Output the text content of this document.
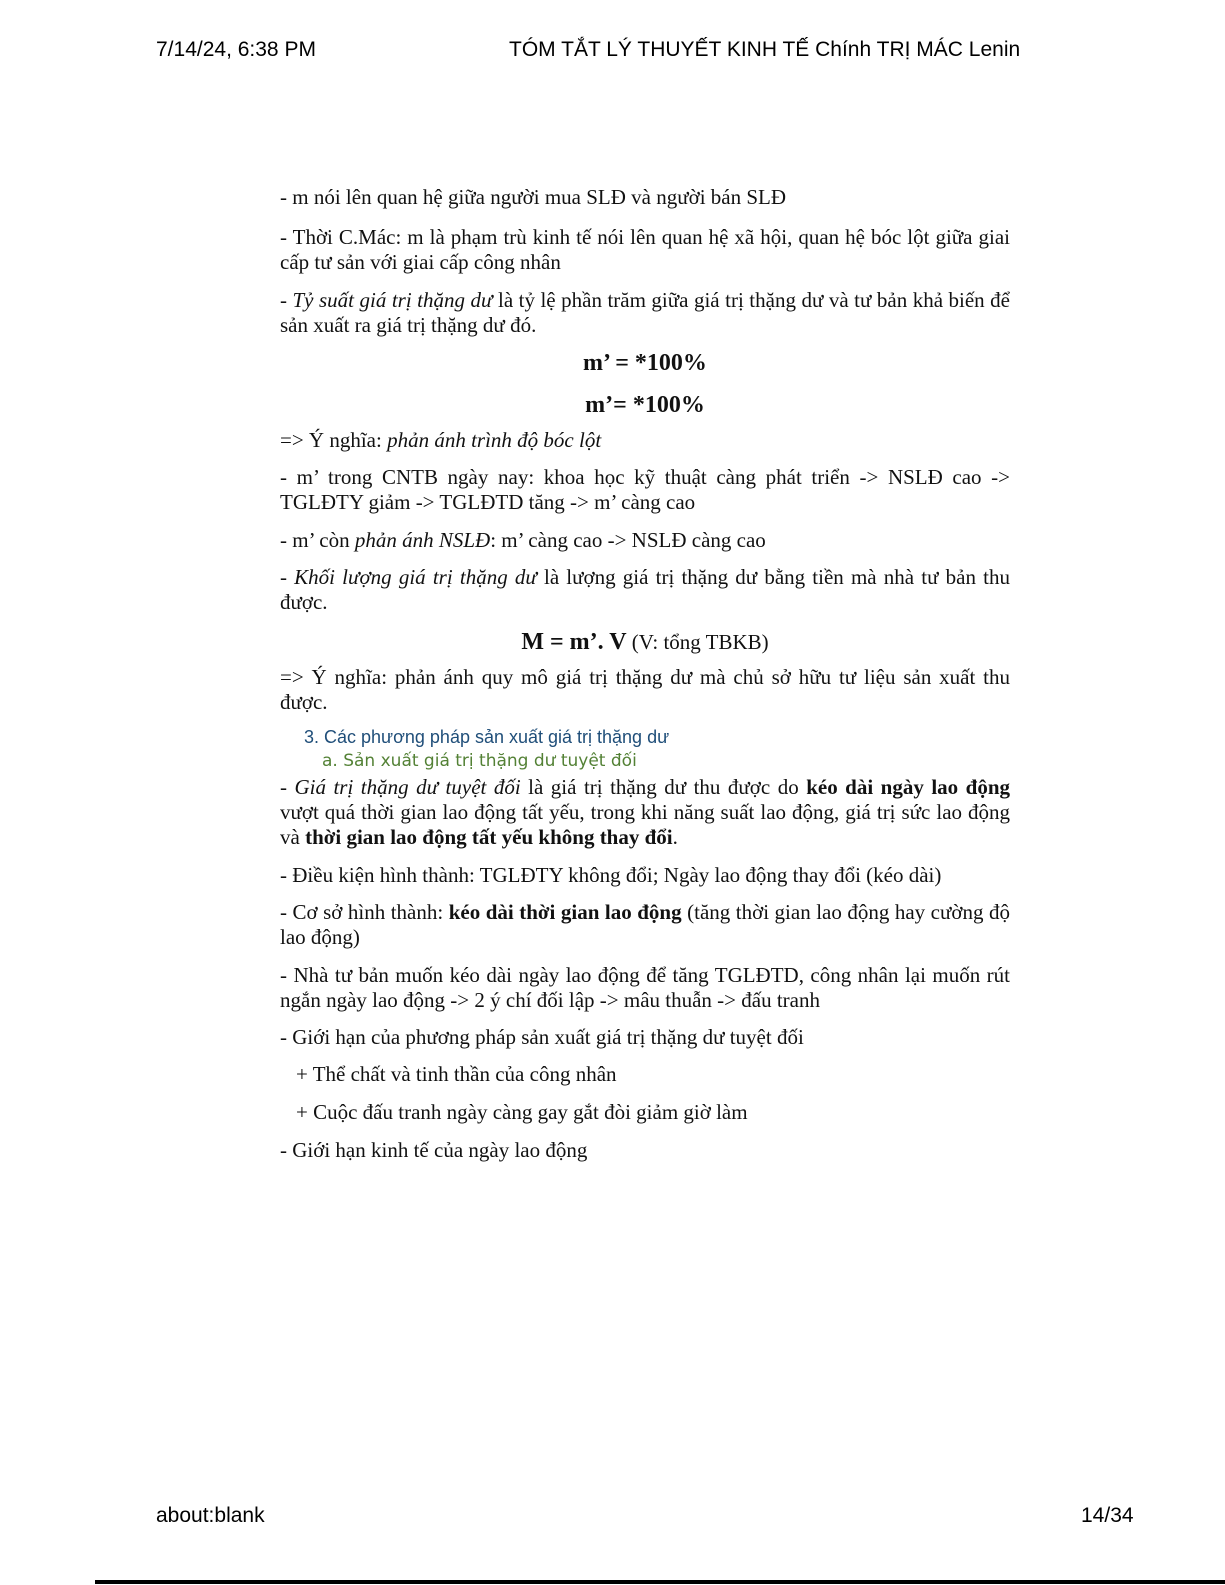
7/14/24, 6:38 PM	TÓM TẮT LÝ THUYẾT KINH TẾ Chính TRỊ MÁC Lenin

- m nói lên quan hệ giữa người mua SLĐ và người bán SLĐ

- Thời C.Mác: m là phạm trù kinh tế nói lên quan hệ xã hội, quan hệ bóc lột giữa giai cấp tư sản với giai cấp công nhân

- Tỷ suất giá trị thặng dư là tỷ lệ phần trăm giữa giá trị thặng dư và tư bản khả biến để sản xuất ra giá trị thặng dư đó.

m’ = *100%

m’= *100%

=> Ý nghĩa: phản ánh trình độ bóc lột

- m’ trong CNTB ngày nay: khoa học kỹ thuật càng phát triển -> NSLĐ cao -> TGLĐTY giảm -> TGLĐTD tăng -> m’ càng cao

- m’ còn phản ánh NSLĐ: m’ càng cao -> NSLĐ càng cao

- Khối lượng giá trị thặng dư là lượng giá trị thặng dư bằng tiền mà nhà tư bản thu được.

M = m’. V (V: tổng TBKB)

=> Ý nghĩa: phản ánh quy mô giá trị thặng dư mà chủ sở hữu tư liệu sản xuất thu được.

3. Các phương pháp sản xuất giá trị thặng dư

a. Sản xuất giá trị thặng dư tuyệt đối

- Giá trị thặng dư tuyệt đối là giá trị thặng dư thu được do kéo dài ngày lao động vượt quá thời gian lao động tất yếu, trong khi năng suất lao động, giá trị sức lao động và thời gian lao động tất yếu không thay đổi.

- Điều kiện hình thành: TGLĐTY không đổi; Ngày lao động thay đổi (kéo dài)

- Cơ sở hình thành: kéo dài thời gian lao động (tăng thời gian lao động hay cường độ lao động)

- Nhà tư bản muốn kéo dài ngày lao động để tăng TGLĐTD, công nhân lại muốn rút ngắn ngày lao động -> 2 ý chí đối lập -> mâu thuẫn -> đấu tranh

- Giới hạn của phương pháp sản xuất giá trị thặng dư tuyệt đối

+ Thể chất và tinh thần của công nhân

+ Cuộc đấu tranh ngày càng gay gắt đòi giảm giờ làm

- Giới hạn kinh tế của ngày lao động

about:blank	14/34
